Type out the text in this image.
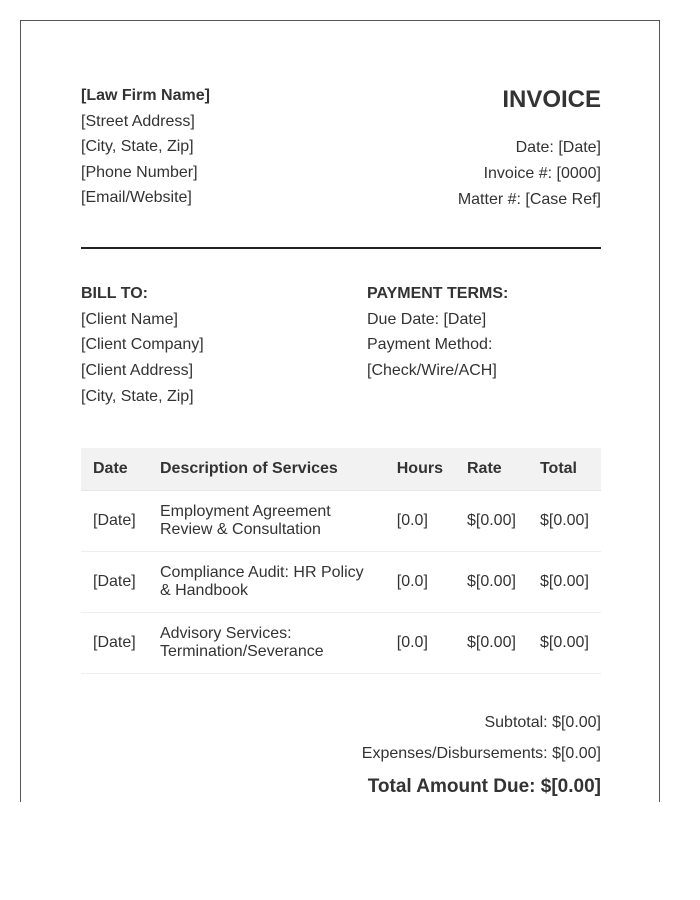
[Law Firm Name]
[Street Address]
[City, State, Zip]
[Phone Number]
[Email/Website]
INVOICE
Date: [Date]
Invoice #: [0000]
Matter #: [Case Ref]
BILL TO:
[Client Name]
[Client Company]
[Client Address]
[City, State, Zip]
PAYMENT TERMS:
Due Date: [Date]
Payment Method:
[Check/Wire/ACH]
Date	Description of Services	Hours	Rate	Total
[Date]	Employment Agreement Review & Consultation	[0.0]	$[0.00]	$[0.00]
[Date]	Compliance Audit: HR Policy & Handbook	[0.0]	$[0.00]	$[0.00]
[Date]	Advisory Services: Termination/Severance	[0.0]	$[0.00]	$[0.00]
Subtotal: $[0.00]
Expenses/Disbursements: $[0.00]
Total Amount Due: $[0.00]
